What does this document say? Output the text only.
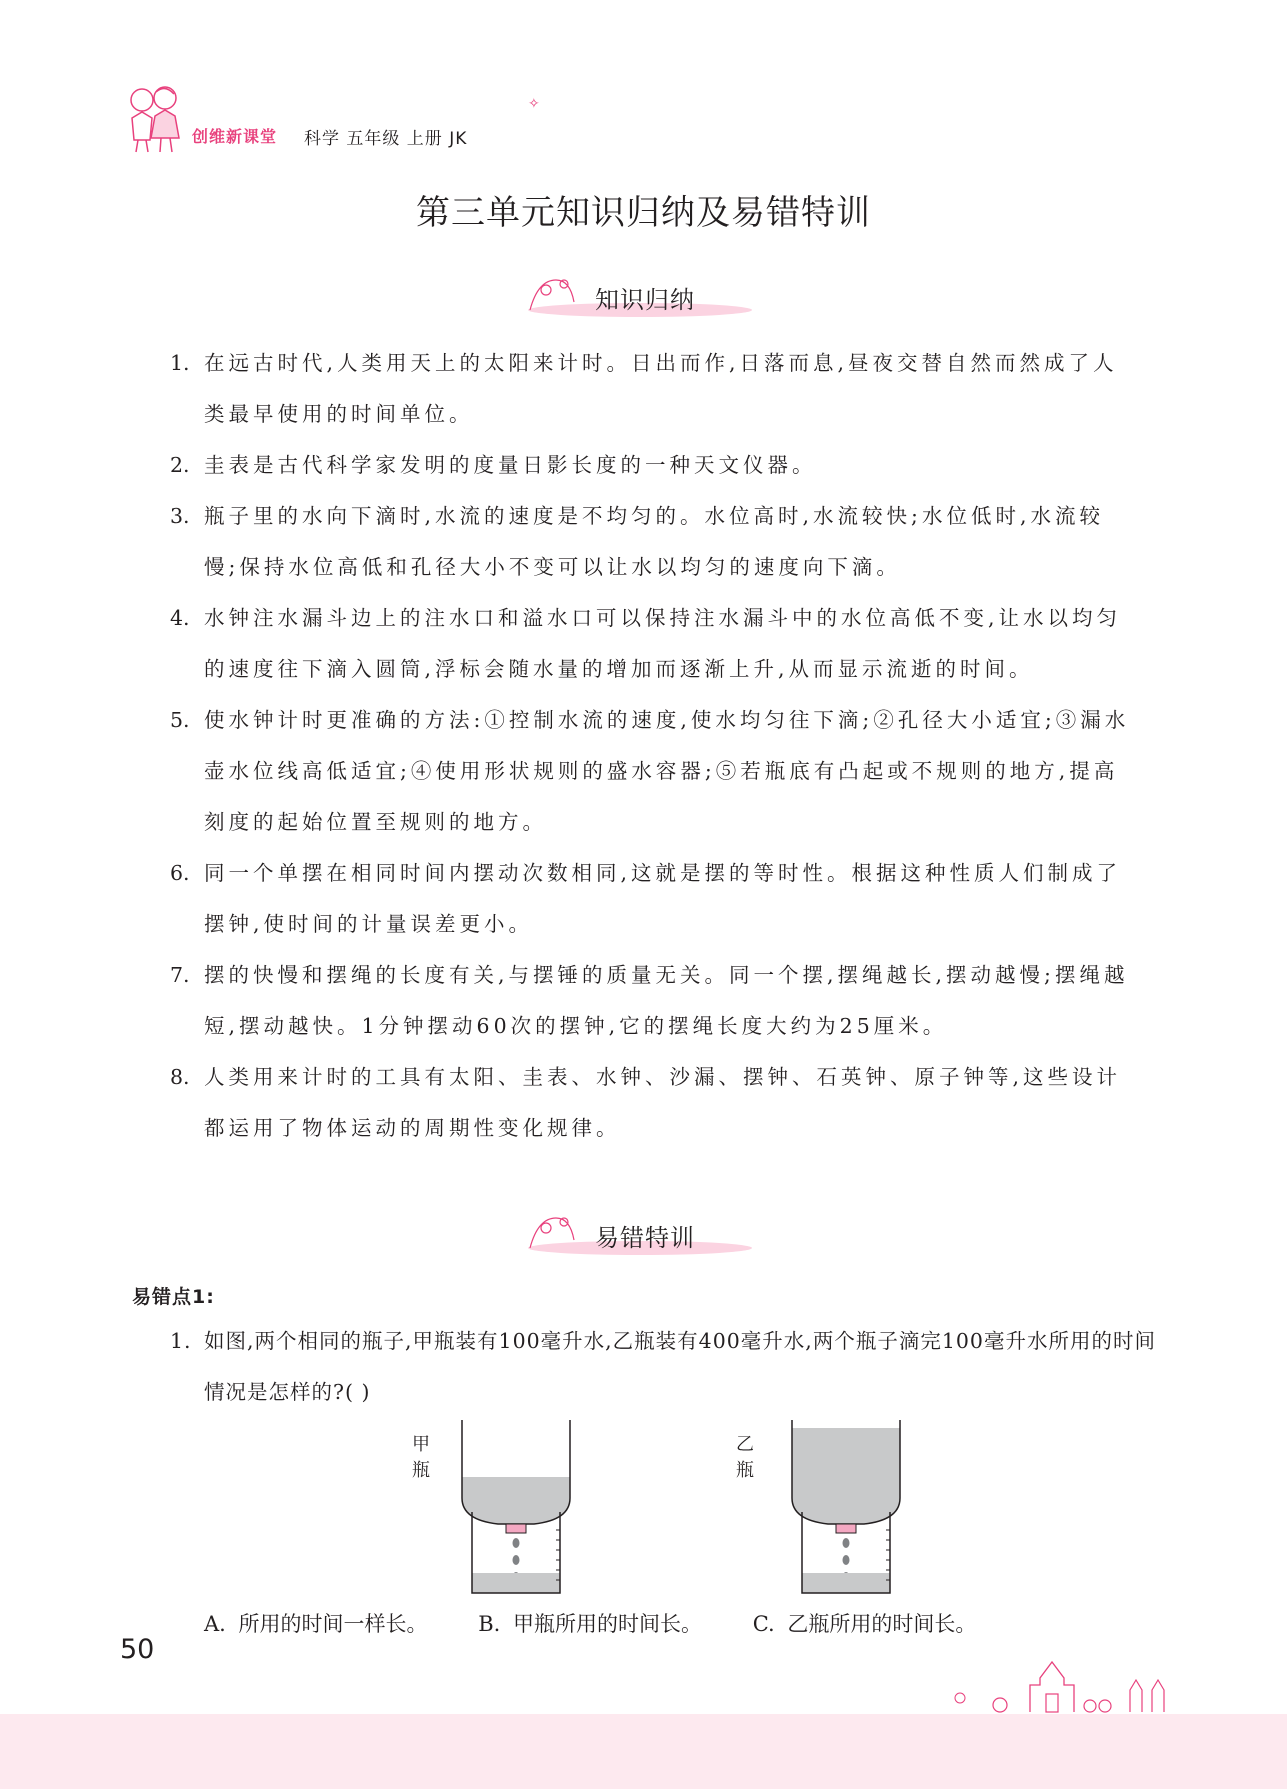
创维新课堂 科学 五年级 上册 JK
✧
第三单元知识归纳及易错特训
知识归纳
1. 在远古时代,人类用天上的太阳来计时。日出而作,日落而息,昼夜交替自然而然成了人类最早使用的时间单位。
2. 圭表是古代科学家发明的度量日影长度的一种天文仪器。
3. 瓶子里的水向下滴时,水流的速度是不均匀的。水位高时,水流较快;水位低时,水流较慢;保持水位高低和孔径大小不变可以让水以均匀的速度向下滴。
4. 水钟注水漏斗边上的注水口和溢水口可以保持注水漏斗中的水位高低不变,让水以均匀的速度往下滴入圆筒,浮标会随水量的增加而逐渐上升,从而显示流逝的时间。
5. 使水钟计时更准确的方法:①控制水流的速度,使水均匀往下滴;②孔径大小适宜;③漏水壶水位线高低适宜;④使用形状规则的盛水容器;⑤若瓶底有凸起或不规则的地方,提高刻度的起始位置至规则的地方。
6. 同一个单摆在相同时间内摆动次数相同,这就是摆的等时性。根据这种性质人们制成了摆钟,使时间的计量误差更小。
7. 摆的快慢和摆绳的长度有关,与摆锤的质量无关。同一个摆,摆绳越长,摆动越慢;摆绳越短,摆动越快。1分钟摆动60次的摆钟,它的摆绳长度大约为25厘米。
8. 人类用来计时的工具有太阳、圭表、水钟、沙漏、摆钟、石英钟、原子钟等,这些设计都运用了物体运动的周期性变化规律。
易错特训
易错点1:
1. 如图,两个相同的瓶子,甲瓶装有100毫升水,乙瓶装有400毫升水,两个瓶子滴完100毫升水所用的时间情况是怎样的?( )
甲瓶
乙瓶
A. 所用的时间一样长。 B. 甲瓶所用的时间长。 C. 乙瓶所用的时间长。
50
